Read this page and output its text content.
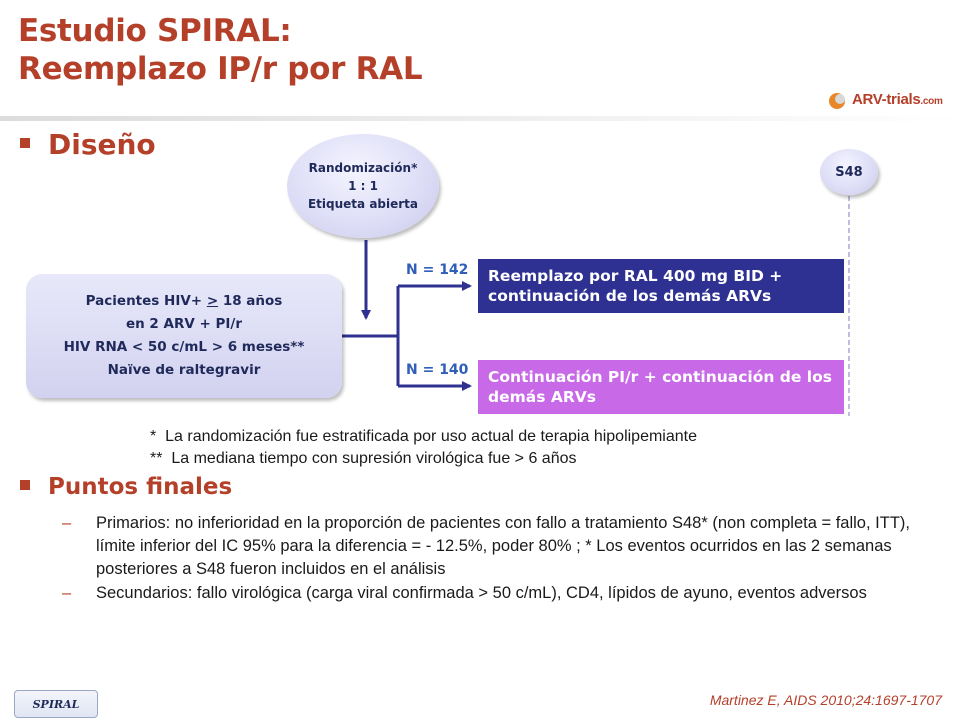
Estudio SPIRAL:
Reemplazo IP/r por RAL
ARV-trials.com
Diseño
Randomización*
1 : 1
Etiqueta abierta
S48
Pacientes HIV+ > 18 años
en 2 ARV + PI/r
HIV RNA < 50 c/mL > 6 meses**
Naïve de raltegravir
N = 142
N = 140
Reemplazo por RAL 400 mg BID + continuación de los demás ARVs
Continuación PI/r + continuación de los demás ARVs
*  La randomización fue estratificada por uso actual de terapia hipolipemiante
**  La mediana tiempo con supresión virológica fue > 6 años
Puntos finales
– Primarios: no inferioridad en la proporción de pacientes con fallo a tratamiento S48* (non completa = fallo, ITT), límite inferior del IC 95% para la diferencia = - 12.5%, poder 80% ; * Los eventos ocurridos en las 2 semanas posteriores a S48 fueron incluidos en el análisis
– Secundarios: fallo virológica (carga viral confirmada > 50 c/mL), CD4, lípidos de ayuno, eventos adversos
Martinez E, AIDS 2010;24:1697-1707
SPIRAL
